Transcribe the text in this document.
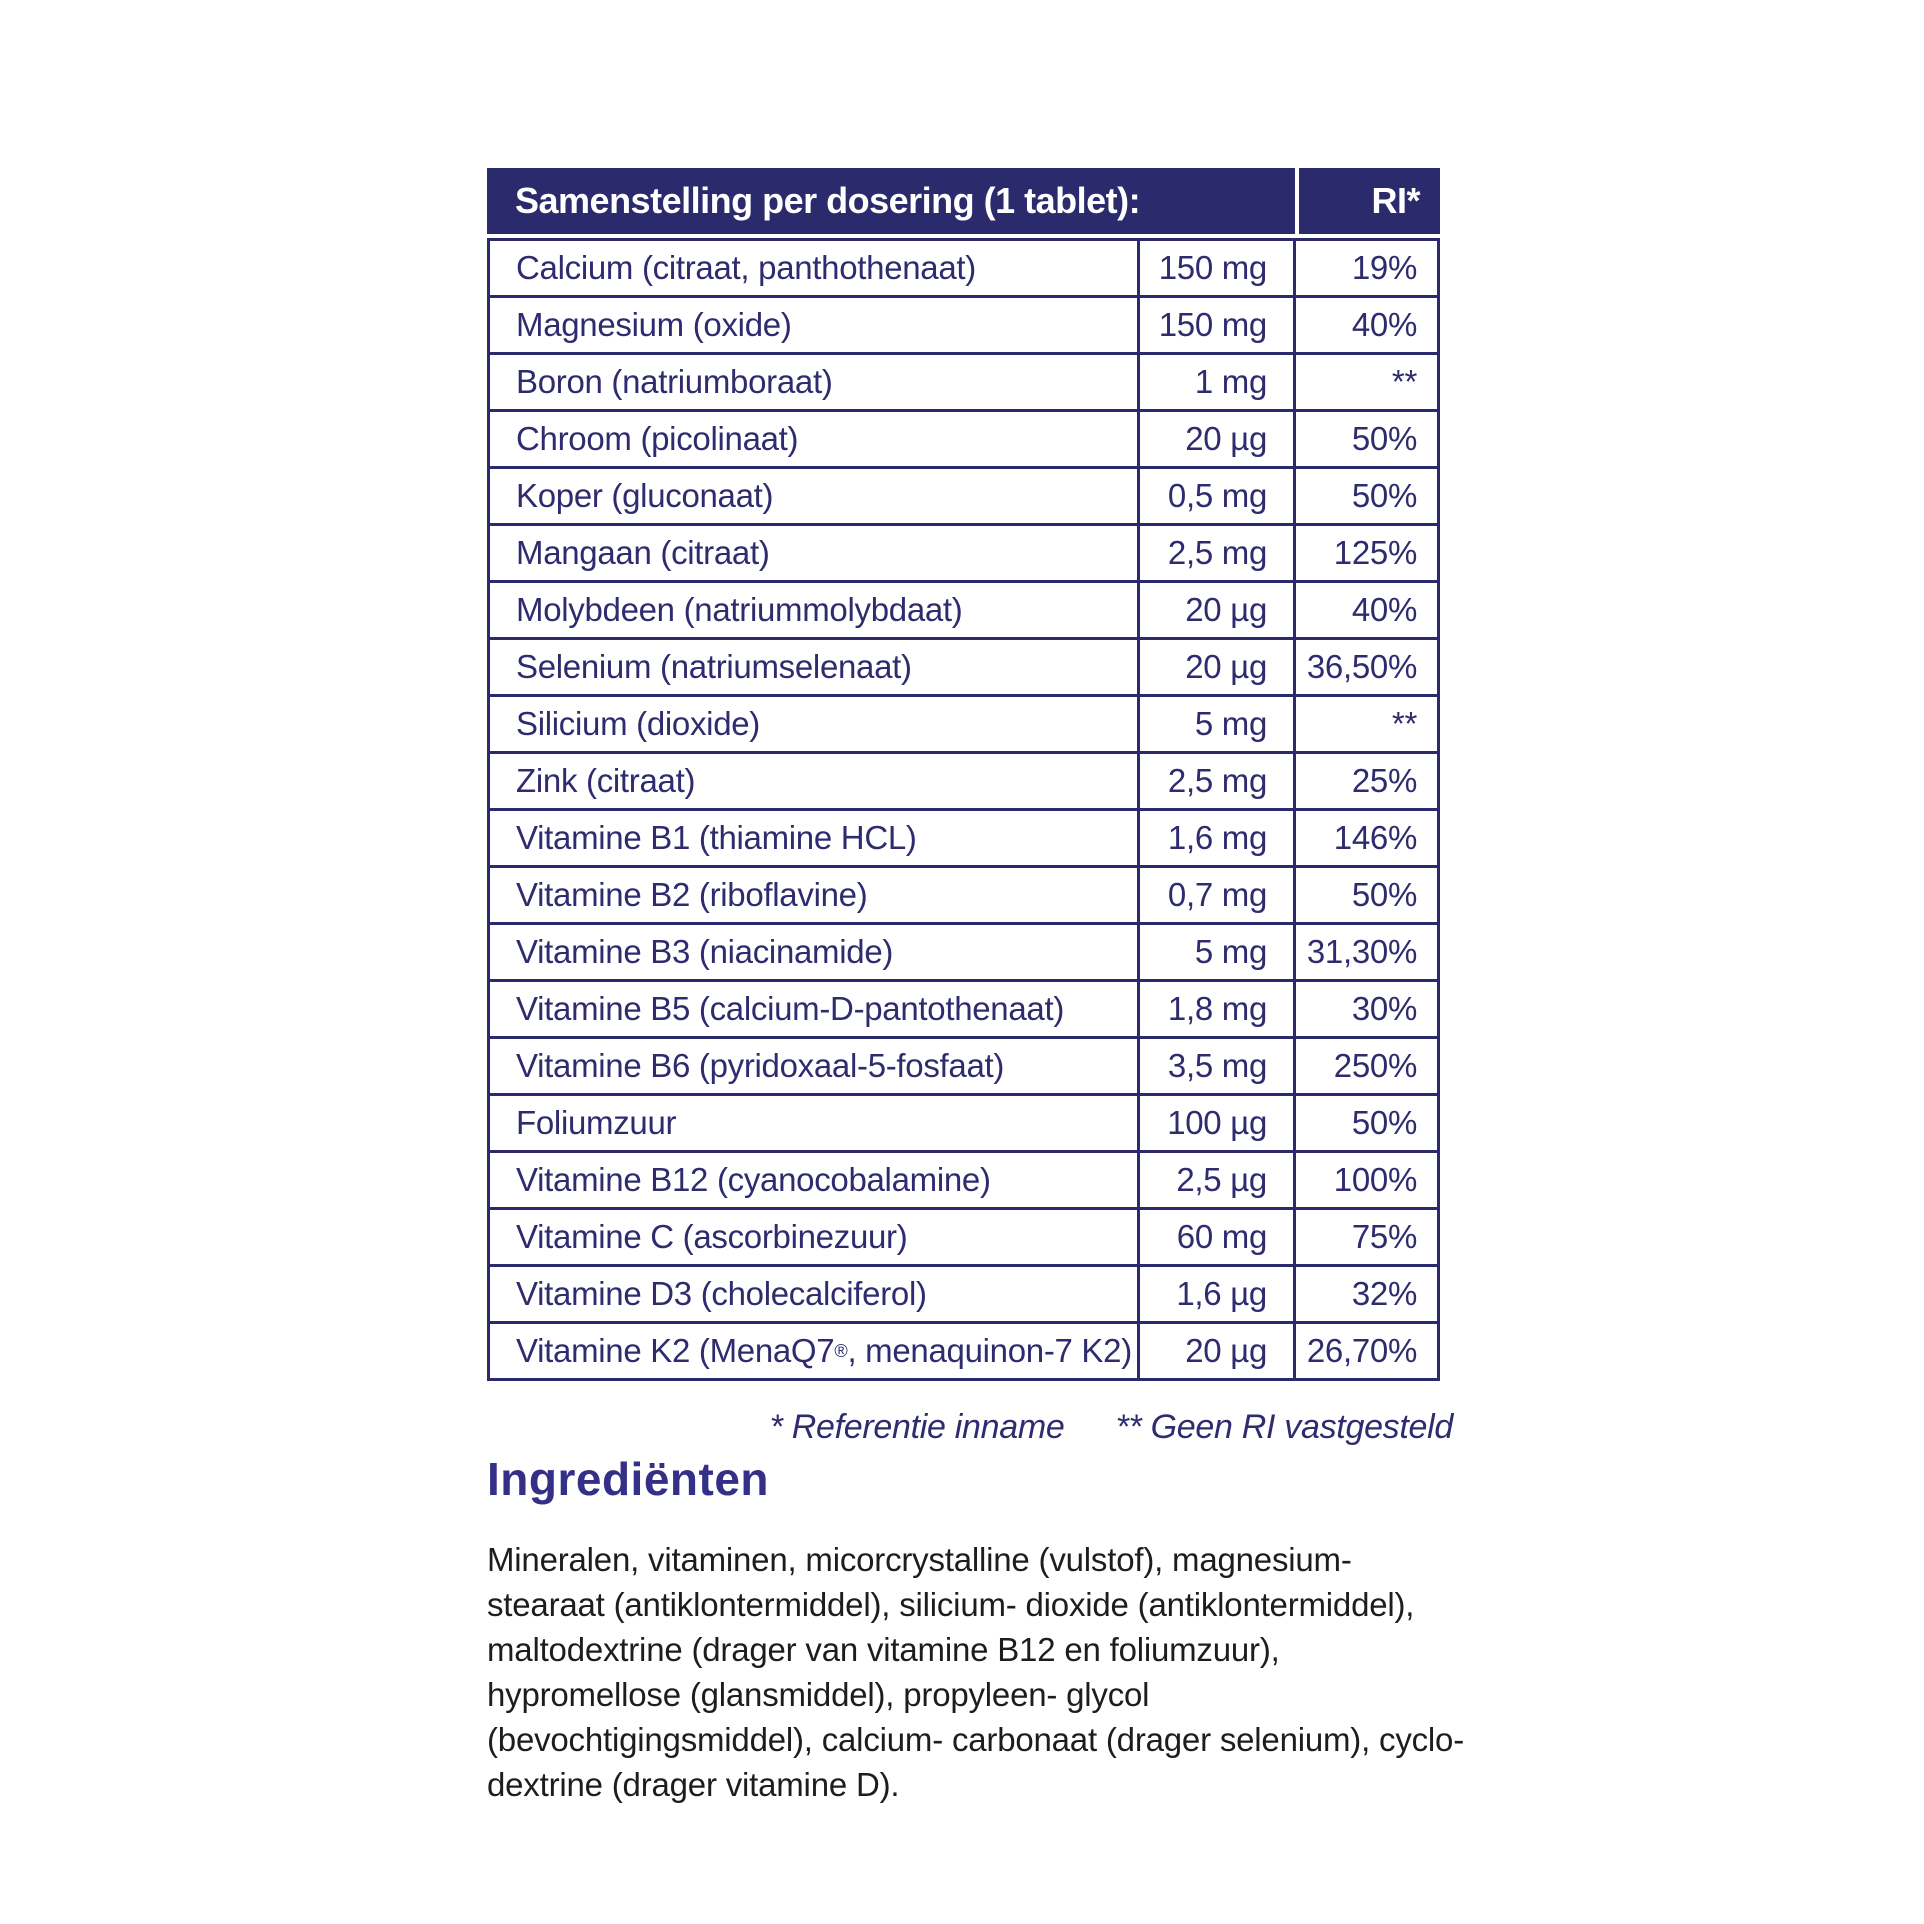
Samenstelling per dosering (1 tablet):	RI*
Calcium (citraat, panthothenaat)	150 mg	19%
Magnesium (oxide)	150 mg	40%
Boron (natriumboraat)	1 mg	**
Chroom (picolinaat)	20 µg	50%
Koper (gluconaat)	0,5 mg	50%
Mangaan (citraat)	2,5 mg	125%
Molybdeen (natriummolybdaat)	20 µg	40%
Selenium (natriumselenaat)	20 µg	36,50%
Silicium (dioxide)	5 mg	**
Zink (citraat)	2,5 mg	25%
Vitamine B1 (thiamine HCL)	1,6 mg	146%
Vitamine B2 (riboflavine)	0,7 mg	50%
Vitamine B3 (niacinamide)	5 mg	31,30%
Vitamine B5 (calcium-D-pantothenaat)	1,8 mg	30%
Vitamine B6 (pyridoxaal-5-fosfaat)	3,5 mg	250%
Foliumzuur	100 µg	50%
Vitamine B12 (cyanocobalamine)	2,5 µg	100%
Vitamine C (ascorbinezuur)	60 mg	75%
Vitamine D3 (cholecalciferol)	1,6 µg	32%
Vitamine K2 (MenaQ7 ® , menaquinon-7 K2)	20 µg	26,70%
* Referentie inname ** Geen RI vastgesteld
Ingrediënten
Mineralen, vitaminen, micorcrystalline (vulstof), magnesium- stearaat (antiklontermiddel), silicium- dioxide (antiklontermiddel), maltodextrine (drager van vitamine B12 en foliumzuur), hypromellose (glansmiddel), propyleen- glycol (bevochtigingsmiddel), calcium- carbonaat (drager selenium), cyclo- dextrine (drager vitamine D).
